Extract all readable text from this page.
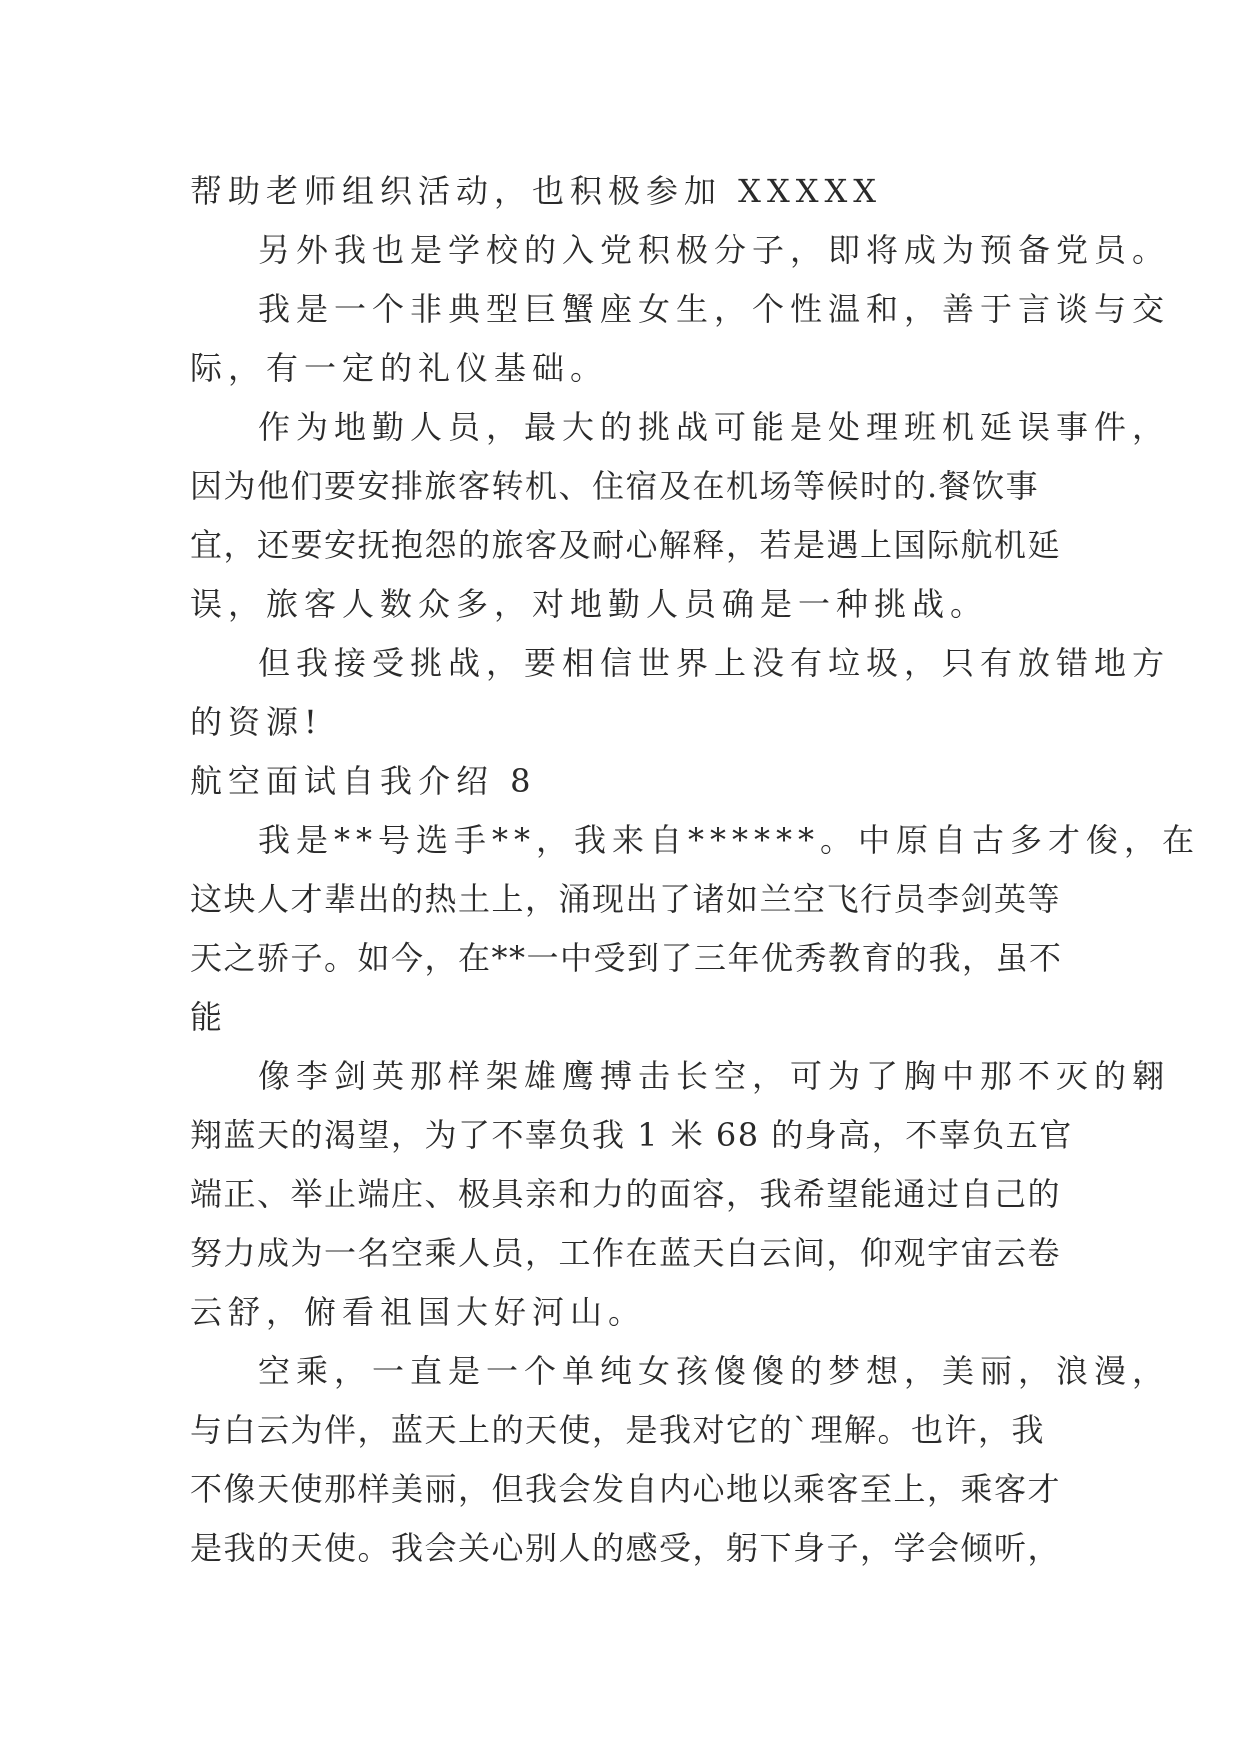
帮助老师组织活动，也积极参加 XXXXX
另外我也是学校的入党积极分子，即将成为预备党员。
我是一个非典型巨蟹座女生，个性温和，善于言谈与交
际，有一定的礼仪基础。
作为地勤人员，最大的挑战可能是处理班机延误事件，
因为他们要安排旅客转机、住宿及在机场等候时的.餐饮事
宜，还要安抚抱怨的旅客及耐心解释，若是遇上国际航机延
误，旅客人数众多，对地勤人员确是一种挑战。
但我接受挑战，要相信世界上没有垃圾，只有放错地方
的资源!
航空面试自我介绍 8
我是**号选手**，我来自******。中原自古多才俊，在
这块人才辈出的热土上，涌现出了诸如兰空飞行员李剑英等
天之骄子。如今，在**一中受到了三年优秀教育的我，虽不
能
像李剑英那样架雄鹰搏击长空，可为了胸中那不灭的翱
翔蓝天的渴望，为了不辜负我 1 米 68 的身高，不辜负五官
端正、举止端庄、极具亲和力的面容，我希望能通过自己的
努力成为一名空乘人员，工作在蓝天白云间，仰观宇宙云卷
云舒，俯看祖国大好河山。
空乘，一直是一个单纯女孩傻傻的梦想，美丽，浪漫，
与白云为伴，蓝天上的天使，是我对它的`理解。也许，我
不像天使那样美丽，但我会发自内心地以乘客至上，乘客才
是我的天使。我会关心别人的感受，躬下身子，学会倾听，
